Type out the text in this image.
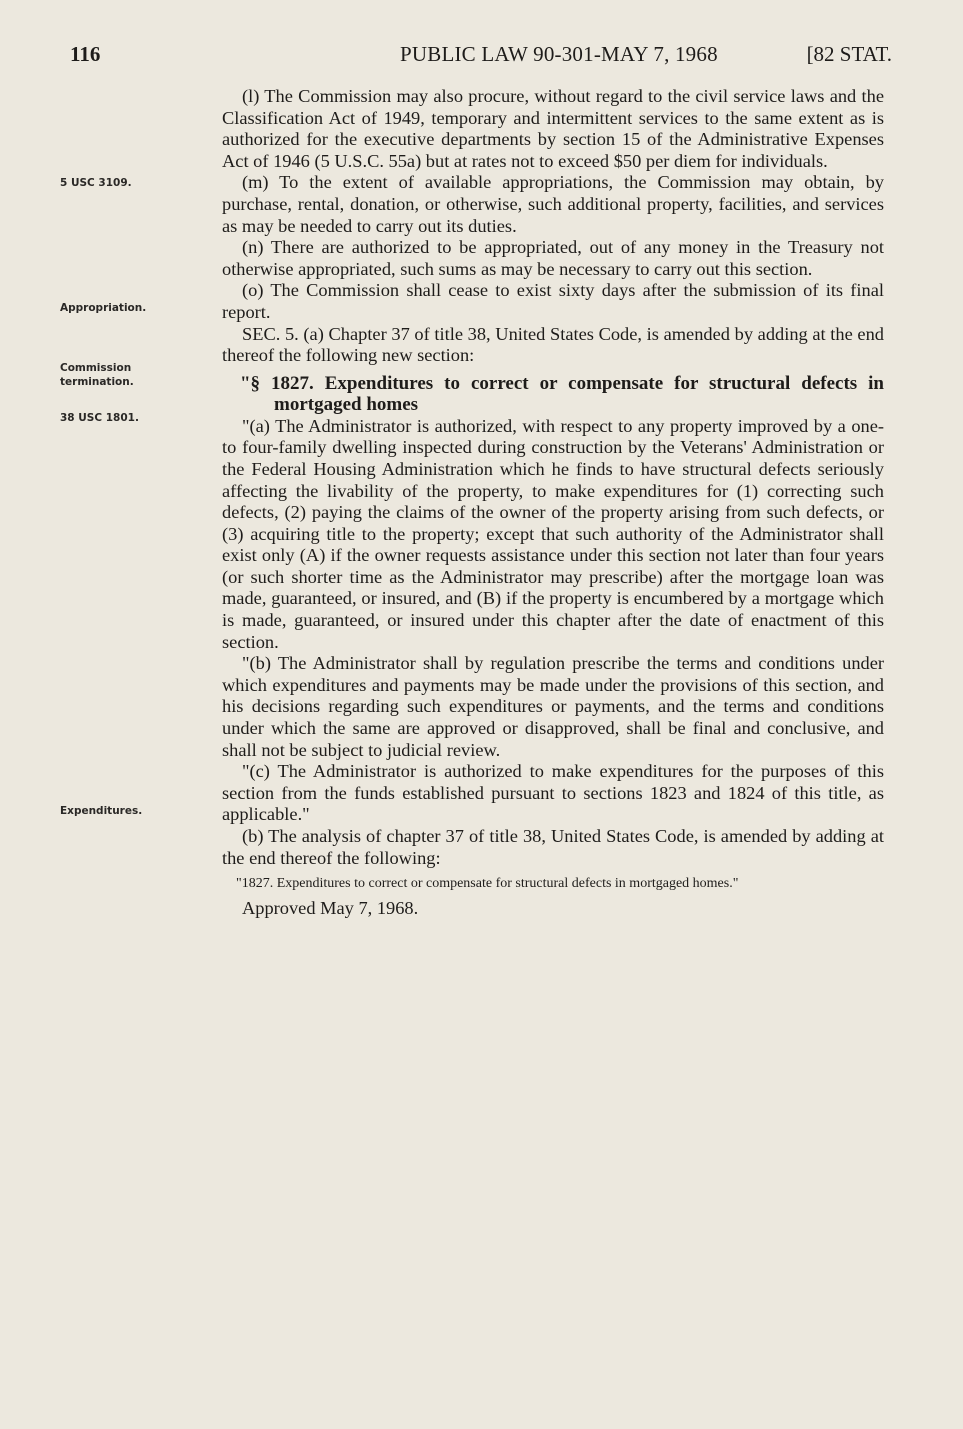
116	PUBLIC LAW 90-301-MAY 7, 1968	[82 STAT.
5 USC 3109.
Appropriation.
Commission termination.
38 USC 1801.
Expenditures.

(l) The Commission may also procure, without regard to the civil service laws and the Classification Act of 1949, temporary and intermittent services to the same extent as is authorized for the executive departments by section 15 of the Administrative Expenses Act of 1946 (5 U.S.C. 55a) but at rates not to exceed $50 per diem for individuals.

(m) To the extent of available appropriations, the Commission may obtain, by purchase, rental, donation, or otherwise, such additional property, facilities, and services as may be needed to carry out its duties.

(n) There are authorized to be appropriated, out of any money in the Treasury not otherwise appropriated, such sums as may be necessary to carry out this section.

(o) The Commission shall cease to exist sixty days after the submission of its final report.

SEC. 5. (a) Chapter 37 of title 38, United States Code, is amended by adding at the end thereof the following new section:

"§ 1827. Expenditures to correct or compensate for structural defects in mortgaged homes

"(a) The Administrator is authorized, with respect to any property improved by a one- to four-family dwelling inspected during construction by the Veterans' Administration or the Federal Housing Administration which he finds to have structural defects seriously affecting the livability of the property, to make expenditures for (1) correcting such defects, (2) paying the claims of the owner of the property arising from such defects, or (3) acquiring title to the property; except that such authority of the Administrator shall exist only (A) if the owner requests assistance under this section not later than four years (or such shorter time as the Administrator may prescribe) after the mortgage loan was made, guaranteed, or insured, and (B) if the property is encumbered by a mortgage which is made, guaranteed, or insured under this chapter after the date of enactment of this section.

"(b) The Administrator shall by regulation prescribe the terms and conditions under which expenditures and payments may be made under the provisions of this section, and his decisions regarding such expenditures or payments, and the terms and conditions under which the same are approved or disapproved, shall be final and conclusive, and shall not be subject to judicial review.

"(c) The Administrator is authorized to make expenditures for the purposes of this section from the funds established pursuant to sections 1823 and 1824 of this title, as applicable."

(b) The analysis of chapter 37 of title 38, United States Code, is amended by adding at the end thereof the following:

"1827. Expenditures to correct or compensate for structural defects in mortgaged homes."

Approved May 7, 1968.
